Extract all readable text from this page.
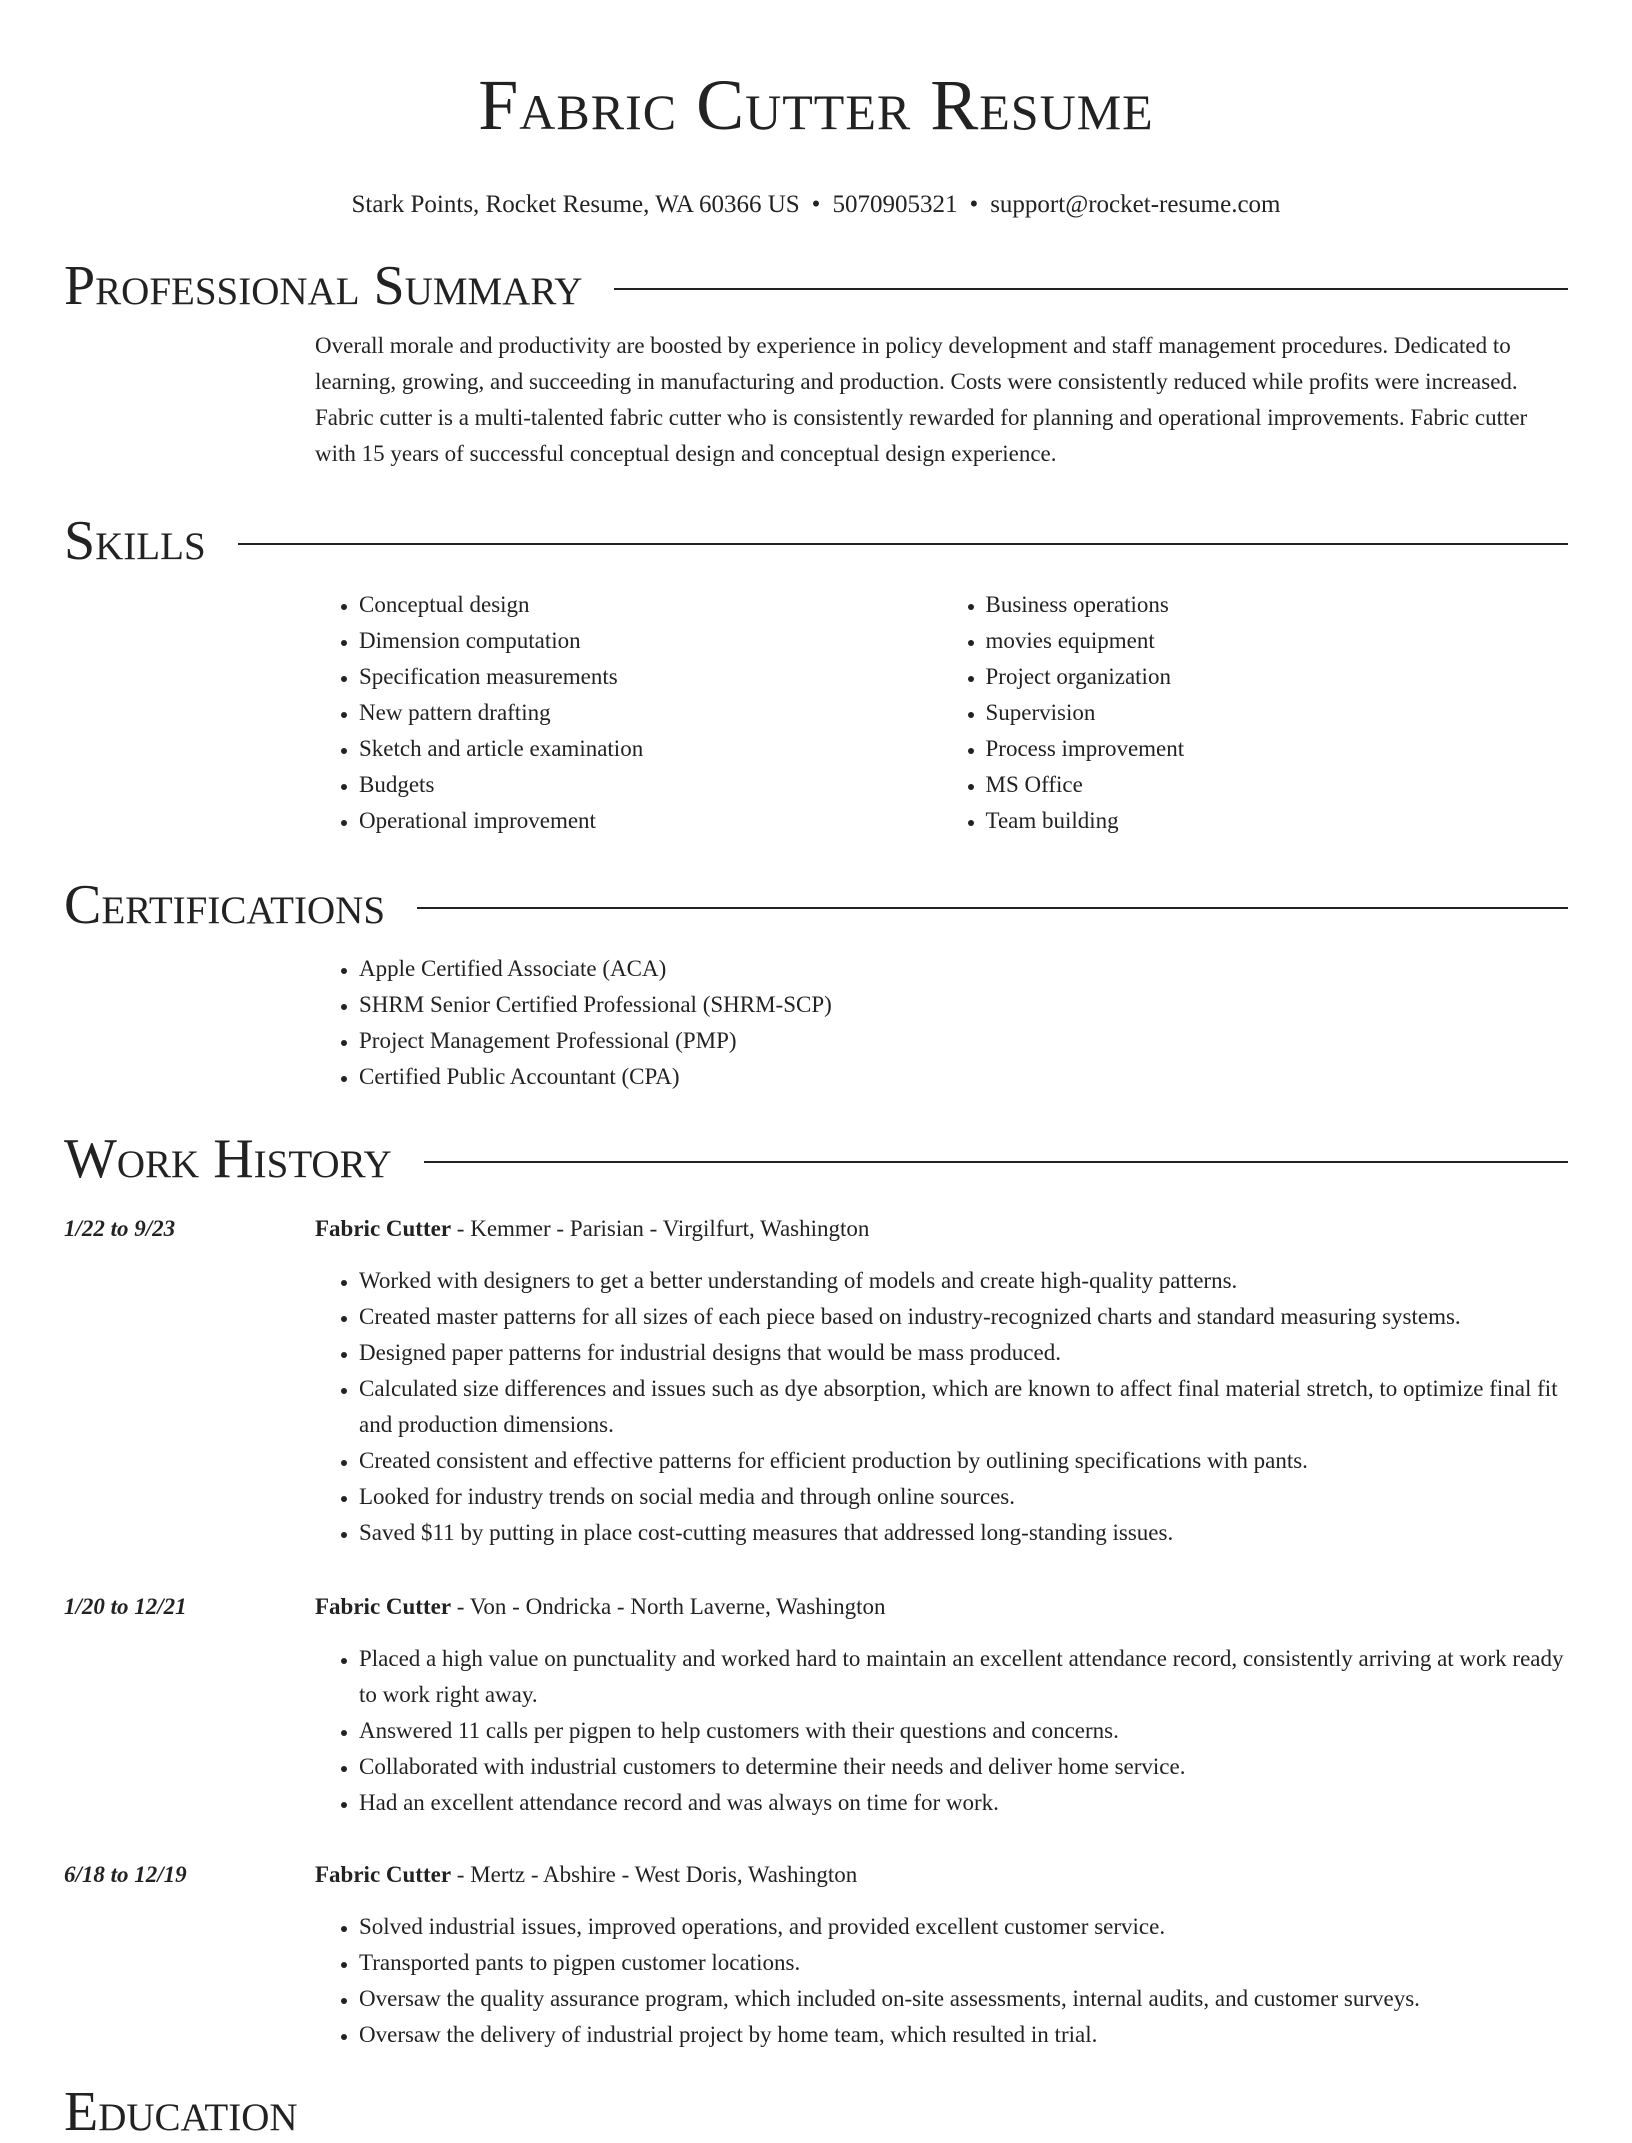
Fabric Cutter Resume
Stark Points, Rocket Resume, WA 60366 US • 5070905321 • support@rocket-resume.com
Professional Summary
Overall morale and productivity are boosted by experience in policy development and staff management procedures. Dedicated to learning, growing, and succeeding in manufacturing and production. Costs were consistently reduced while profits were increased. Fabric cutter is a multi-talented fabric cutter who is consistently rewarded for planning and operational improvements. Fabric cutter with 15 years of successful conceptual design and conceptual design experience.
Skills
• Conceptual design
• Dimension computation
• Specification measurements
• New pattern drafting
• Sketch and article examination
• Budgets
• Operational improvement
• Business operations
• movies equipment
• Project organization
• Supervision
• Process improvement
• MS Office
• Team building
Certifications
• Apple Certified Associate (ACA)
• SHRM Senior Certified Professional (SHRM-SCP)
• Project Management Professional (PMP)
• Certified Public Accountant (CPA)
Work History
1/22 to 9/23	Fabric Cutter - Kemmer - Parisian - Virgilfurt, Washington
• Worked with designers to get a better understanding of models and create high-quality patterns.
• Created master patterns for all sizes of each piece based on industry-recognized charts and standard measuring systems.
• Designed paper patterns for industrial designs that would be mass produced.
• Calculated size differences and issues such as dye absorption, which are known to affect final material stretch, to optimize final fit and production dimensions.
• Created consistent and effective patterns for efficient production by outlining specifications with pants.
• Looked for industry trends on social media and through online sources.
• Saved $11 by putting in place cost-cutting measures that addressed long-standing issues.
1/20 to 12/21	Fabric Cutter - Von - Ondricka - North Laverne, Washington
• Placed a high value on punctuality and worked hard to maintain an excellent attendance record, consistently arriving at work ready to work right away.
• Answered 11 calls per pigpen to help customers with their questions and concerns.
• Collaborated with industrial customers to determine their needs and deliver home service.
• Had an excellent attendance record and was always on time for work.
6/18 to 12/19	Fabric Cutter - Mertz - Abshire - West Doris, Washington
• Solved industrial issues, improved operations, and provided excellent customer service.
• Transported pants to pigpen customer locations.
• Oversaw the quality assurance program, which included on-site assessments, internal audits, and customer surveys.
• Oversaw the delivery of industrial project by home team, which resulted in trial.
Education
